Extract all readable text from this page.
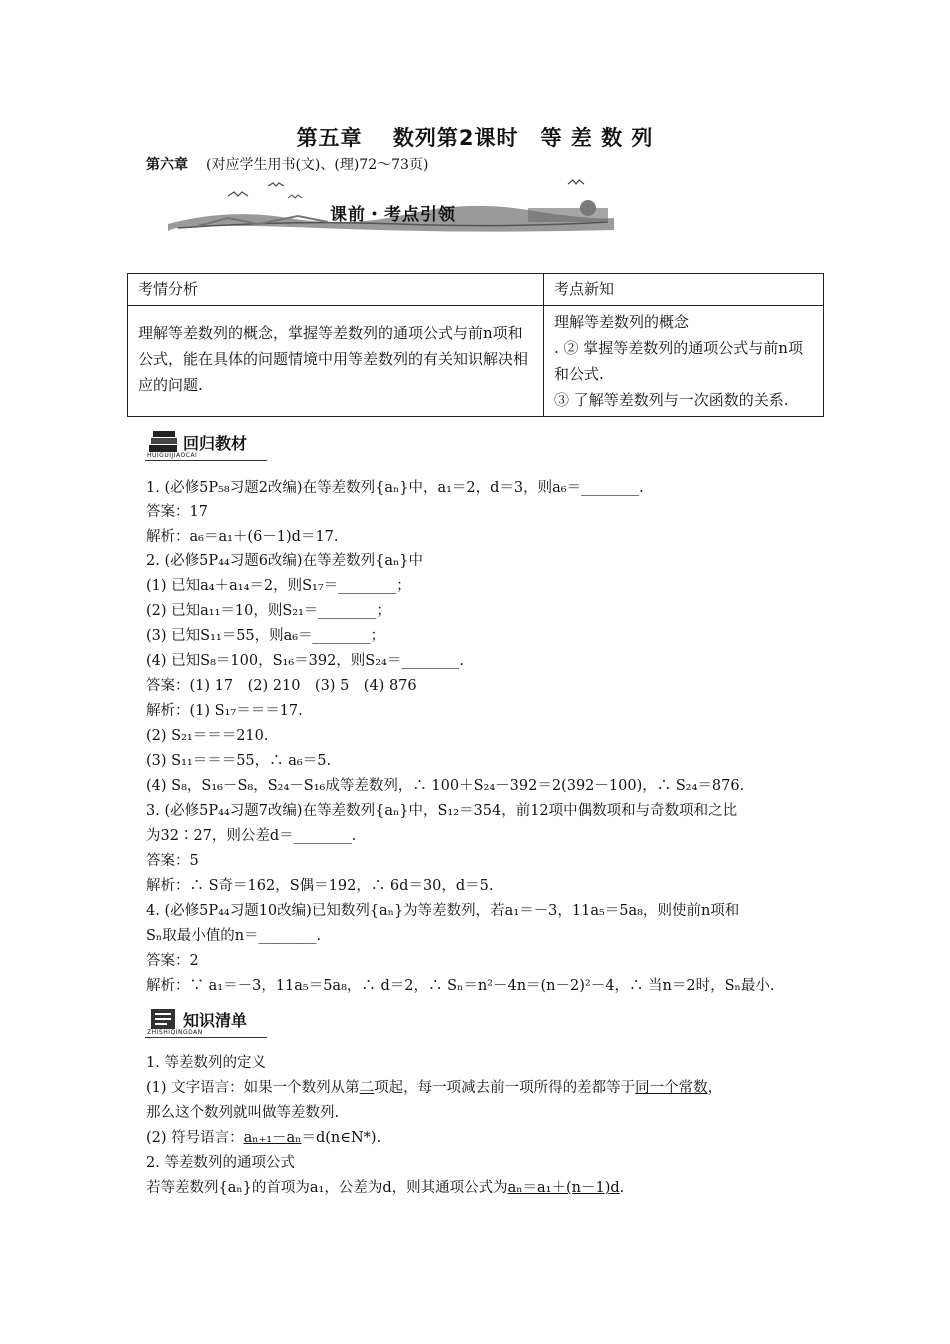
第五章　 数列第2课时　等 差 数 列
第六章 (对应学生用书(文)、(理)72～73页)
课前・考点引领
考情分析	考点新知
理解等差数列的概念，掌握等差数列的通项公式与前n项和公式，能在具体的问题情境中用等差数列的有关知识解决相应的问题.	理解等差数列的概念
. ② 掌握等差数列的通项公式与前n项和公式.
③ 了解等差数列与一次函数的关系.
回归教材
HUIGUIJIAOCAI
1. (必修5P₅₈习题2改编)在等差数列{aₙ}中，a₁＝2，d＝3，则a₆＝________.
答案：17
解析：a₆＝a₁＋(6－1)d＝17.
2. (必修5P₄₄习题6改编)在等差数列{aₙ}中
(1) 已知a₄＋a₁₄＝2，则S₁₇＝________；
(2) 已知a₁₁＝10，则S₂₁＝________；
(3) 已知S₁₁＝55，则a₆＝________；
(4) 已知S₈＝100，S₁₆＝392，则S₂₄＝________.
答案：(1) 17　(2) 210　(3) 5　(4) 876
解析：(1) S₁₇＝＝＝17.
(2) S₂₁＝＝＝210.
(3) S₁₁＝＝＝55，∴ a₆＝5.
(4) S₈，S₁₆－S₈，S₂₄－S₁₆成等差数列，∴ 100＋S₂₄－392＝2(392－100)，∴ S₂₄＝876.
3. (必修5P₄₄习题7改编)在等差数列{aₙ}中，S₁₂＝354，前12项中偶数项和与奇数项和之比
为32∶27，则公差d＝________.
答案：5
解析：∴ S奇＝162，S偶＝192，∴ 6d＝30，d＝5.
4. (必修5P₄₄习题10改编)已知数列{aₙ}为等差数列，若a₁＝－3，11a₅＝5a₈，则使前n项和
Sₙ取最小值的n＝________.
答案：2
解析：∵ a₁＝－3，11a₅＝5a₈，∴ d＝2，∴ Sₙ＝n²－4n＝(n－2)²－4，∴ 当n＝2时，Sₙ最小.
知识清单
ZHISHIQINGDAN
1. 等差数列的定义
(1) 文字语言：如果一个数列从第二项起，每一项减去前一项所得的差都等于同一个常数，
那么这个数列就叫做等差数列.
(2) 符号语言：aₙ₊₁－aₙ＝d(n∈N*).
2. 等差数列的通项公式
若等差数列{aₙ}的首项为a₁，公差为d，则其通项公式为aₙ＝a₁＋(n－1)d.
